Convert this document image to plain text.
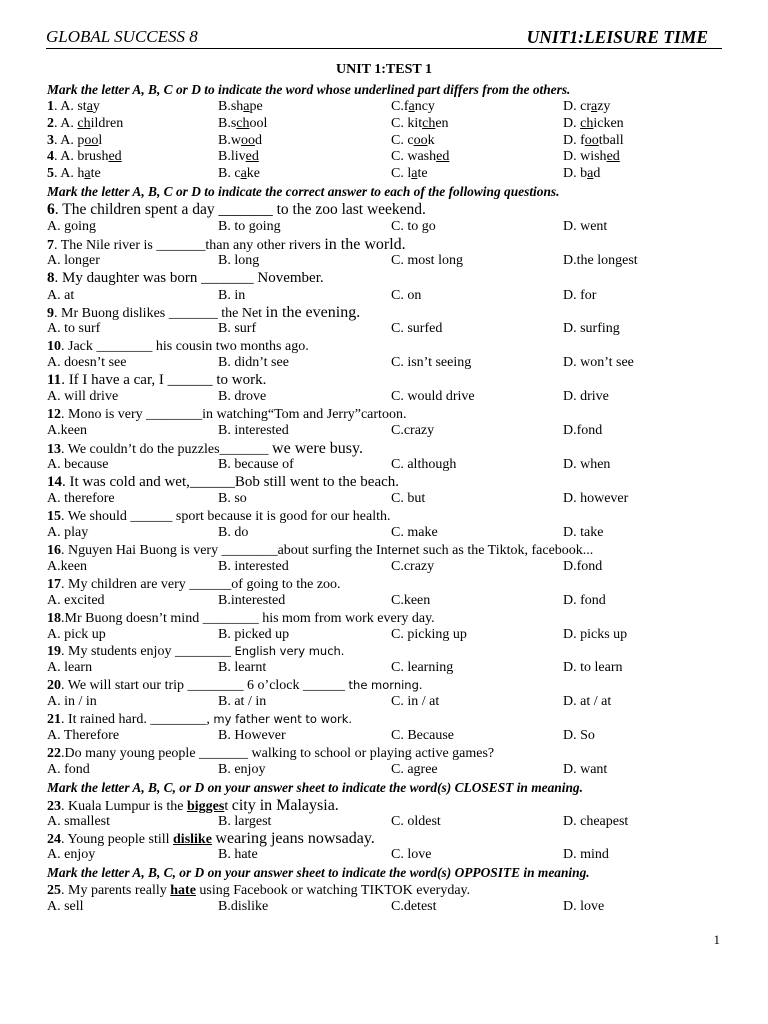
GLOBAL SUCCESS 8	UNIT1:LEISURE TIME
UNIT 1:TEST 1
Mark the letter A, B, C or D to indicate the word whose underlined part differs from the others.
1. A. stay	B.shape	C.fancy	D. crazy
2. A. children	B.school	C. kitchen	D. chicken
3. A. pool	B.wood	C. cook	D. football
4. A. brushed	B.lived	C. washed	D. wished
5. A. hate	B. cake	C. late	D. bad
Mark the letter A, B, C or D to indicate the correct answer to each of the following questions.
6. The children spent a day _______ to the zoo last weekend.
A. going	B. to going	C. to go	D. went
7. The Nile river is _______than any other rivers in the world.
A. longer	B. long	C. most long	D.the longest
8. My daughter was born _______ November.
A. at	B. in	C. on	D. for
9. Mr Buong dislikes _______ the Net in the evening.
A. to surf	B. surf	C. surfed	D. surfing
10. Jack ________ his cousin two months ago.
A. doesn’t see	B. didn’t see	C. isn’t seeing	D. won’t see
11. If I have a car, I ______ to work.
A. will drive	B. drove	C. would drive	D. drive
12. Mono is very ________in watching“Tom and Jerry”cartoon.
A.keen	B. interested	C.crazy	D.fond
13. We couldn’t do the puzzles_______ we were busy.
A. because	B. because of	C. although	D. when
14. It was cold and wet,______Bob still went to the beach.
A. therefore	B. so	C. but	D. however
15. We should ______ sport because it is good for our health.
A. play	B. do	C. make	D. take
16. Nguyen Hai Buong is very ________about surfing the Internet such as the Tiktok, facebook...
A.keen	B. interested	C.crazy	D.fond
17. My children are very ______of going to the zoo.
A. excited	B.interested	C.keen	D. fond
18.Mr Buong doesn’t mind ________ his mom from work every day.
A. pick up	B. picked up	C. picking up	D. picks up
19. My students enjoy ________ English very much.
A. learn	B. learnt	C. learning	D. to learn
20. We will start our trip ________ 6 o’clock ______ the morning.
A. in / in	B. at / in	C. in / at	D. at / at
21. It rained hard. ________, my father went to work.
A. Therefore	B. However	C. Because	D. So
22.Do many young people _______ walking to school or playing active games?
A. fond	B. enjoy	C. agree	D. want
Mark the letter A, B, C, or D on your answer sheet to indicate the word(s) CLOSEST in meaning.
23. Kuala Lumpur is the biggest city in Malaysia.
A. smallest	B. largest	C. oldest	D. cheapest
24. Young people still dislike wearing jeans nowsaday.
A. enjoy	B. hate	C. love	D. mind
Mark the letter A, B, C, or D on your answer sheet to indicate the word(s) OPPOSITE in meaning.
25. My parents really hate using Facebook or watching TIKTOK everyday.
A. sell	B.dislike	C.detest	D. love
1
